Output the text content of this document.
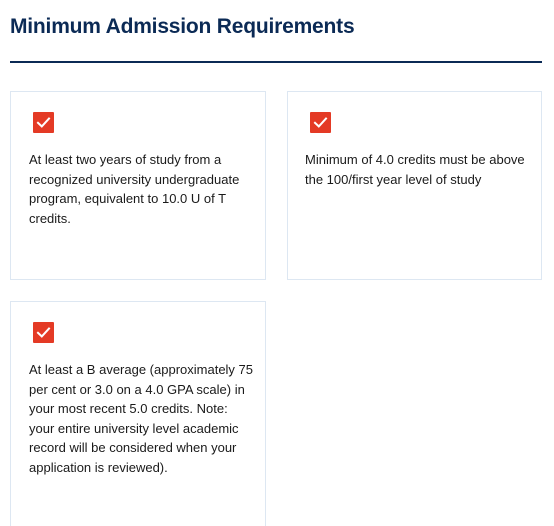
Minimum Admission Requirements

At least two years of study from a recognized university undergraduate program, equivalent to 10.0 U of T credits.

Minimum of 4.0 credits must be above the 100/first year level of study

At least a B average (approximately 75 per cent or 3.0 on a 4.0 GPA scale) in your most recent 5.0 credits. Note: your entire university level academic record will be considered when your application is reviewed).
